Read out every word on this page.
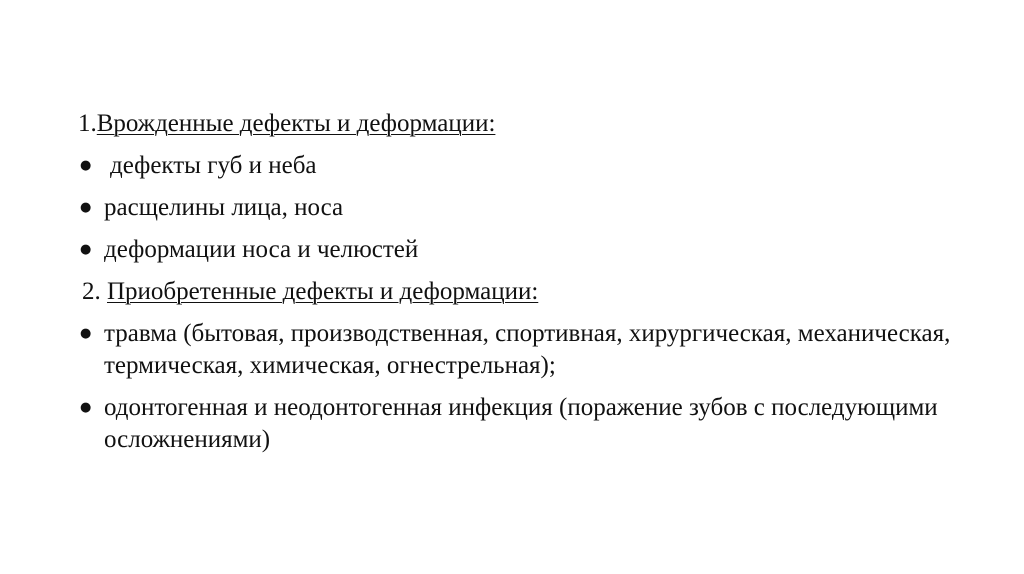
1. Врожденные дефекты и деформации:
● дефекты губ и неба
● расщелины лица, носа
● деформации носа и челюстей
2. Приобретенные дефекты и деформации:
● травма (бытовая, производственная, спортивная, хирургическая, механическая, термическая, химическая, огнестрельная);
● одонтогенная и неодонтогенная инфекция (поражение зубов с последующими осложнениями)
